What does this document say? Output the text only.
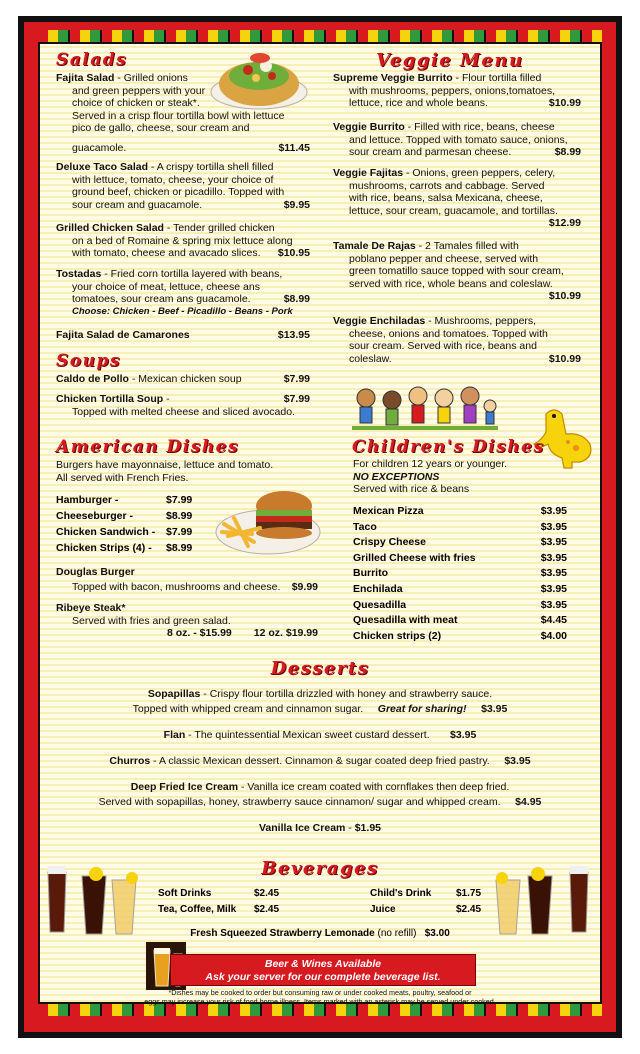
Salads
Fajita Salad - Grilled onions
and green peppers with your
choice of chicken or steak*.
Served in a crisp flour tortilla bowl with lettuce
pico de gallo, cheese, sour cream and
guacamole.	$11.45
Deluxe Taco Salad - A crispy tortilla shell filled
with lettuce, tomato, cheese, your choice of
ground beef, chicken or picadillo. Topped with
sour cream and guacamole.	$9.95
Grilled Chicken Salad - Tender grilled chicken
on a bed of Romaine & spring mix lettuce along
with tomato, cheese and avacado slices. $10.95
Tostadas - Fried corn tortilla layered with beans,
your choice of meat, lettuce, cheese ans
tomatoes, sour cream ans guacamole.	$8.99
Choose: Chicken - Beef - Picadillo - Beans - Pork
Fajita Salad de Camarones	$13.95
Soups
Caldo de Pollo - Mexican chicken soup	$7.99
Chicken Tortilla Soup -	$7.99
Topped with melted cheese and sliced avocado.
American Dishes
Burgers have mayonnaise, lettuce and tomato.
All served with French Fries.
Hamburger -	$7.99
Cheeseburger -	$8.99
Chicken Sandwich -	$7.99
Chicken Strips (4) -	$8.99
Douglas Burger
Topped with bacon, mushrooms and cheese. $9.99
Ribeye Steak*
Served with fries and green salad.
8 oz. - $15.99 12 oz. $19.99
Veggie Menu
Supreme Veggie Burrito - Flour tortilla filled
with mushrooms, peppers, onions,tomatoes,
lettuce, rice and whole beans.	$10.99
Veggie Burrito - Filled with rice, beans, cheese
and lettuce. Topped with tomato sauce, onions,
sour cream and parmesan cheese.	$8.99
Veggie Fajitas - Onions, green peppers, celery,
mushrooms, carrots and cabbage. Served
with rice, beans, salsa Mexicana, cheese,
lettuce, sour cream, guacamole, and tortillas.
$12.99
Tamale De Rajas - 2 Tamales filled with
poblano pepper and cheese, served with
green tomatillo sauce topped with sour cream,
served with rice, whole beans and coleslaw.
$10.99
Veggie Enchiladas - Mushrooms, peppers,
cheese, onions and tomatoes. Topped with
sour cream. Served with rice, beans and
coleslaw.	$10.99
Children's Dishes
For children 12 years or younger.
NO EXCEPTIONS
Served with rice & beans
Mexican Pizza	$3.95
Taco	$3.95
Crispy Cheese	$3.95
Grilled Cheese with fries	$3.95
Burrito	$3.95
Enchilada	$3.95
Quesadilla	$3.95
Quesadilla with meat	$4.45
Chicken strips (2)	$4.00
Desserts
Sopapillas - Crispy flour tortilla drizzled with honey and strawberry sauce.
Topped with whipped cream and cinnamon sugar. Great for sharing! $3.95
Flan - The quintessential Mexican sweet custard dessert. $3.95
Churros - A classic Mexican dessert. Cinnamon & sugar coated deep fried pastry. $3.95
Deep Fried Ice Cream - Vanilla ice cream coated with cornflakes then deep fried.
Served with sopapillas, honey, strawberry sauce cinnamon/ sugar and whipped cream. $4.95
Vanilla Ice Cream - $1.95
Beverages
Soft Drinks	$2.45
Tea, Coffee, Milk	$2.45
Child's Drink	$1.75
Juice	$2.45
Fresh Squeezed Strawberry Lemonade (no refill) $3.00
Beer & Wines Available
Ask your server for our complete beverage list.
*Dishes may be cooked to order but consuming raw or under cooked meats, poultry, seafood or
eggs may increase your risk of food borne illness. Items marked with an asterisk may be served under cooked.
